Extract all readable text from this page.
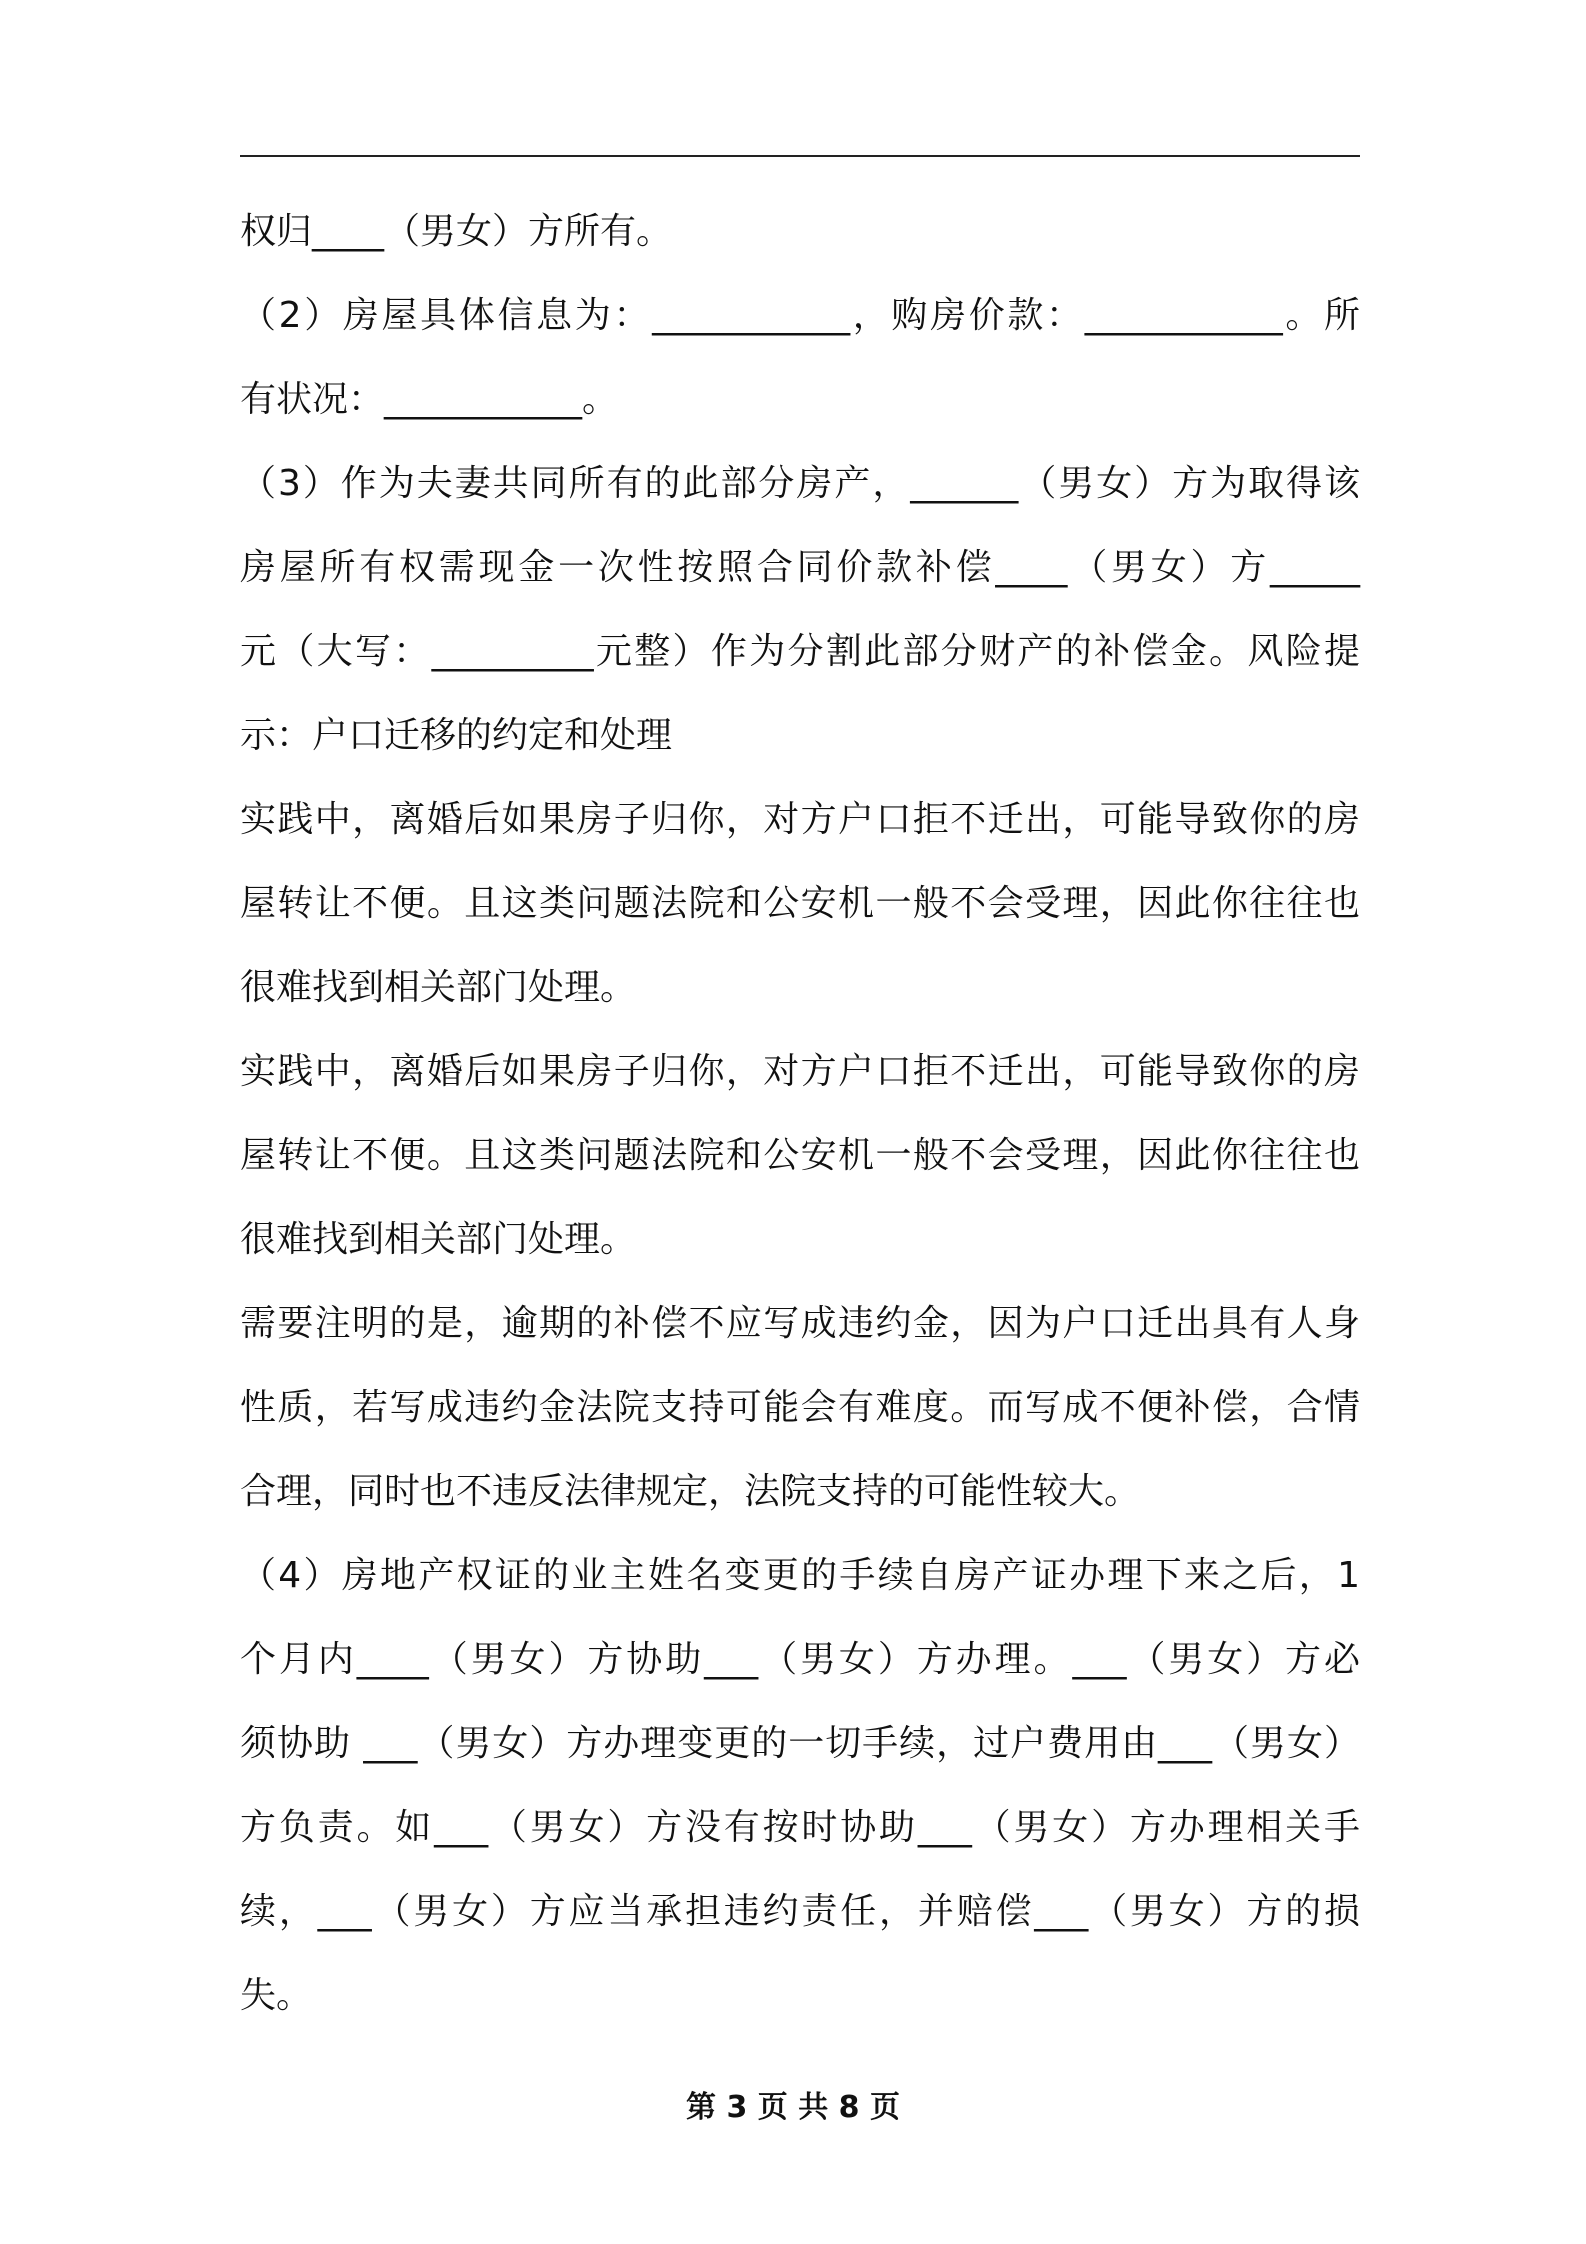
权归____（男女）方所有。
（2）房屋具体信息为：___________，购房价款：___________。所
有状况：___________。
（3）作为夫妻共同所有的此部分房产，______（男女）方为取得该
房屋所有权需现金一次性按照合同价款补偿____（男女）方_____
元（大写：_________元整）作为分割此部分财产的补偿金。风险提
示：户口迁移的约定和处理
实践中，离婚后如果房子归你，对方户口拒不迁出，可能导致你的房
屋转让不便。且这类问题法院和公安机一般不会受理，因此你往往也
很难找到相关部门处理。
实践中，离婚后如果房子归你，对方户口拒不迁出，可能导致你的房
屋转让不便。且这类问题法院和公安机一般不会受理，因此你往往也
很难找到相关部门处理。
需要注明的是，逾期的补偿不应写成违约金，因为户口迁出具有人身
性质，若写成违约金法院支持可能会有难度。而写成不便补偿，合情
合理，同时也不违反法律规定，法院支持的可能性较大。
（4）房地产权证的业主姓名变更的手续自房产证办理下来之后，1
个月内____（男女）方协助___（男女）方办理。___（男女）方必
须协助 ___（男女）方办理变更的一切手续，过户费用由___（男女）
方负责。如___（男女）方没有按时协助___（男女）方办理相关手
续，___（男女）方应当承担违约责任，并赔偿___（男女）方的损
失。
第 3 页 共 8 页
